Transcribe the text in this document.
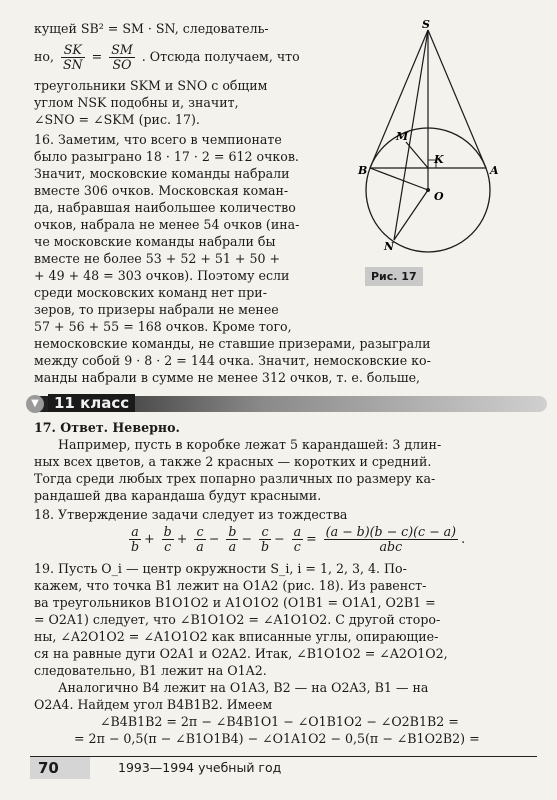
кущей SB² = SM · SN, следователь-
но, $\frac{SK}{SN} = \frac{SM}{SO}$ . Отсюда получаем, что
треугольники SKM и SNO с общим
углом NSK подобны и, значит,
∠SNO = ∠SKM (рис. 17).
16. Заметим, что всего в чемпионате
было разыграно 18 · 17 · 2 = 612 очков.
Значит, московские команды набрали
вместе 306 очков. Московская коман-
да, набравшая наибольшее количество
очков, набрала не менее 54 очков (ина-
че московские команды набрали бы
вместе не более 53 + 52 + 51 + 50 +
+ 49 + 48 = 303 очков). Поэтому если
среди московских команд нет при-
зеров, то призеры набрали не менее
57 + 56 + 55 = 168 очков. Кроме того,
немосковские команды, не ставшие призерами, разыграли
между собой 9 · 8 · 2 = 144 очка. Значит, немосковские ко-
манды набрали в сумме не менее 312 очков, т. е. больше,
S
M
K
O
B	A
N
Рис. 17
▼	11 класс
17. Ответ. Неверно.
Например, пусть в коробке лежат 5 карандашей: 3 длин-
ных всех цветов, а также 2 красных — коротких и средний.
Тогда среди любых трех попарно различных по размеру ка-
рандашей два карандаша будут красными.
18. Утверждение задачи следует из тождества
$\frac{a}{b} + \frac{b}{c} + \frac{c}{a} - \frac{b}{a} - \frac{c}{b} - \frac{a}{c} = \frac{(a - b)(b - c)(c - a)}{\text{abc}}$ .
19. Пусть O_i — центр окружности S_i, i = 1, 2, 3, 4. По-
кажем, что точка B1 лежит на O1A2 (рис. 18). Из равенст-
ва треугольников B1O1O2 и A1O1O2 (O1B1 = O1A1, O2B1 =
= O2A1) следует, что ∠B1O1O2 = ∠A1O1O2. С другой сторо-
ны, ∠A2O1O2 = ∠A1O1O2 как вписанные углы, опирающие-
ся на равные дуги O2A1 и O2A2. Итак, ∠B1O1O2 = ∠A2O1O2,
следовательно, B1 лежит на O1A2.
Аналогично B4 лежит на O1A3, B2 — на O2A3, B1 — на
O2A4. Найдем угол B4B1B2. Имеем
∠B4B1B2 = 2π − ∠B4B1O1 − ∠O1B1O2 − ∠O2B1B2 =
= 2π − 0,5(π − ∠B1O1B4) − ∠O1A1O2 − 0,5(π − ∠B1O2B2) =
70	1993—1994 учебный год
